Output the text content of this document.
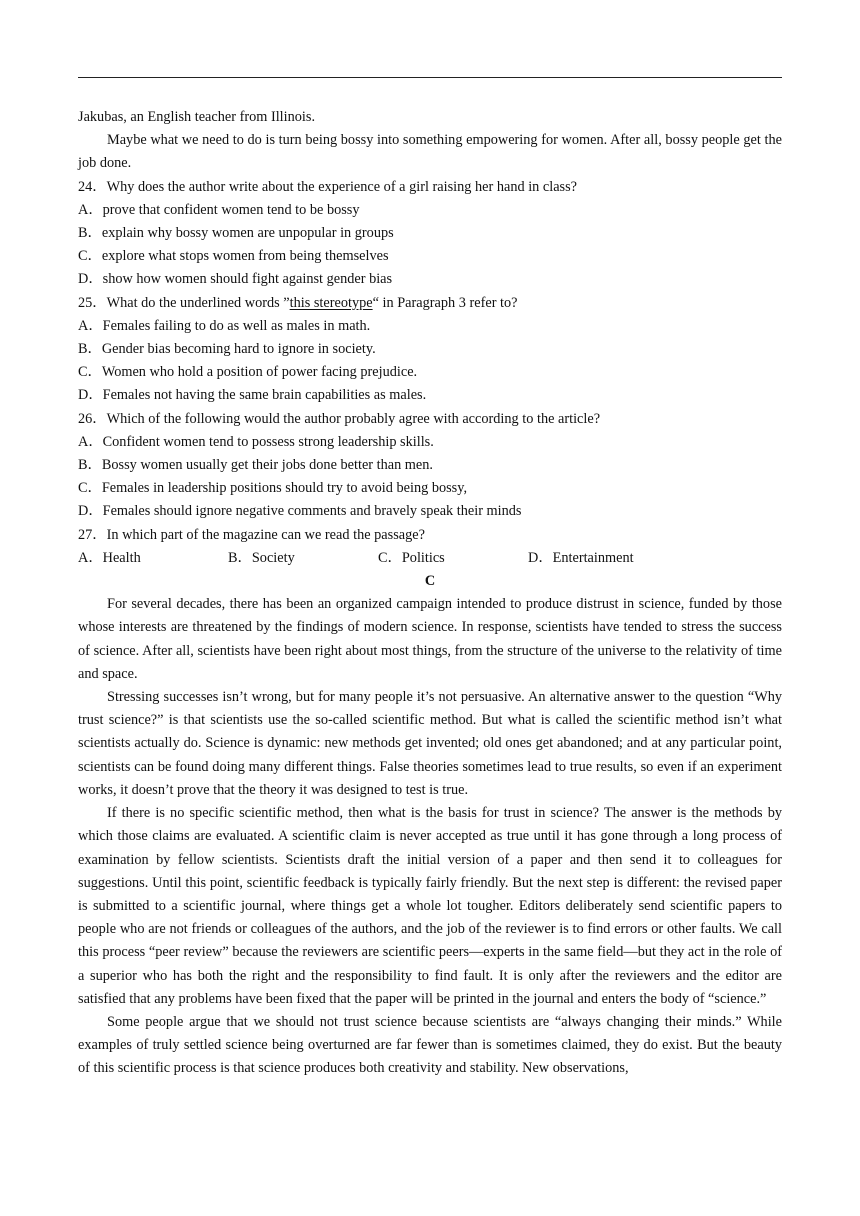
Jakubas, an English teacher from Illinois.

Maybe what we need to do is turn being bossy into something empowering for women. After all, bossy people get the job done.

24．Why does the author write about the experience of a girl raising her hand in class?

A．prove that confident women tend to be bossy

B．explain why bossy women are unpopular in groups

C．explore what stops women from being themselves

D．show how women should fight against gender bias

25．What do the underlined words ”this stereotype“ in Paragraph 3 refer to?

A．Females failing to do as well as males in math.

B．Gender bias becoming hard to ignore in society.

C．Women who hold a position of power facing prejudice.

D．Females not having the same brain capabilities as males.

26．Which of the following would the author probably agree with according to the article?

A．Confident women tend to possess strong leadership skills.

B．Bossy women usually get their jobs done better than men.

C．Females in leadership positions should try to avoid being bossy,

D．Females should ignore negative comments and bravely speak their minds

27．In which part of the magazine can we read the passage?

A．Health	B．Society	C．Politics	D．Entertainment
C

For several decades, there has been an organized campaign intended to produce distrust in science, funded by those whose interests are threatened by the findings of modern science. In response, scientists have tended to stress the success of science. After all, scientists have been right about most things, from the structure of the universe to the relativity of time and space.

Stressing successes isn’t wrong, but for many people it’s not persuasive. An alternative answer to the question “Why trust science?” is that scientists use the so-called scientific method. But what is called the scientific method isn’t what scientists actually do. Science is dynamic: new methods get invented; old ones get abandoned; and at any particular point, scientists can be found doing many different things. False theories sometimes lead to true results, so even if an experiment works, it doesn’t prove that the theory it was designed to test is true.

If there is no specific scientific method, then what is the basis for trust in science? The answer is the methods by which those claims are evaluated. A scientific claim is never accepted as true until it has gone through a long process of examination by fellow scientists. Scientists draft the initial version of a paper and then send it to colleagues for suggestions. Until this point, scientific feedback is typically fairly friendly. But the next step is different: the revised paper is submitted to a scientific journal, where things get a whole lot tougher. Editors deliberately send scientific papers to people who are not friends or colleagues of the authors, and the job of the reviewer is to find errors or other faults. We call this process “peer review” because the reviewers are scientific peers—experts in the same field—but they act in the role of a superior who has both the right and the responsibility to find fault. It is only after the reviewers and the editor are satisfied that any problems have been fixed that the paper will be printed in the journal and enters the body of “science.”

Some people argue that we should not trust science because scientists are “always changing their minds.” While examples of truly settled science being overturned are far fewer than is sometimes claimed, they do exist. But the beauty of this scientific process is that science produces both creativity and stability. New observations,
